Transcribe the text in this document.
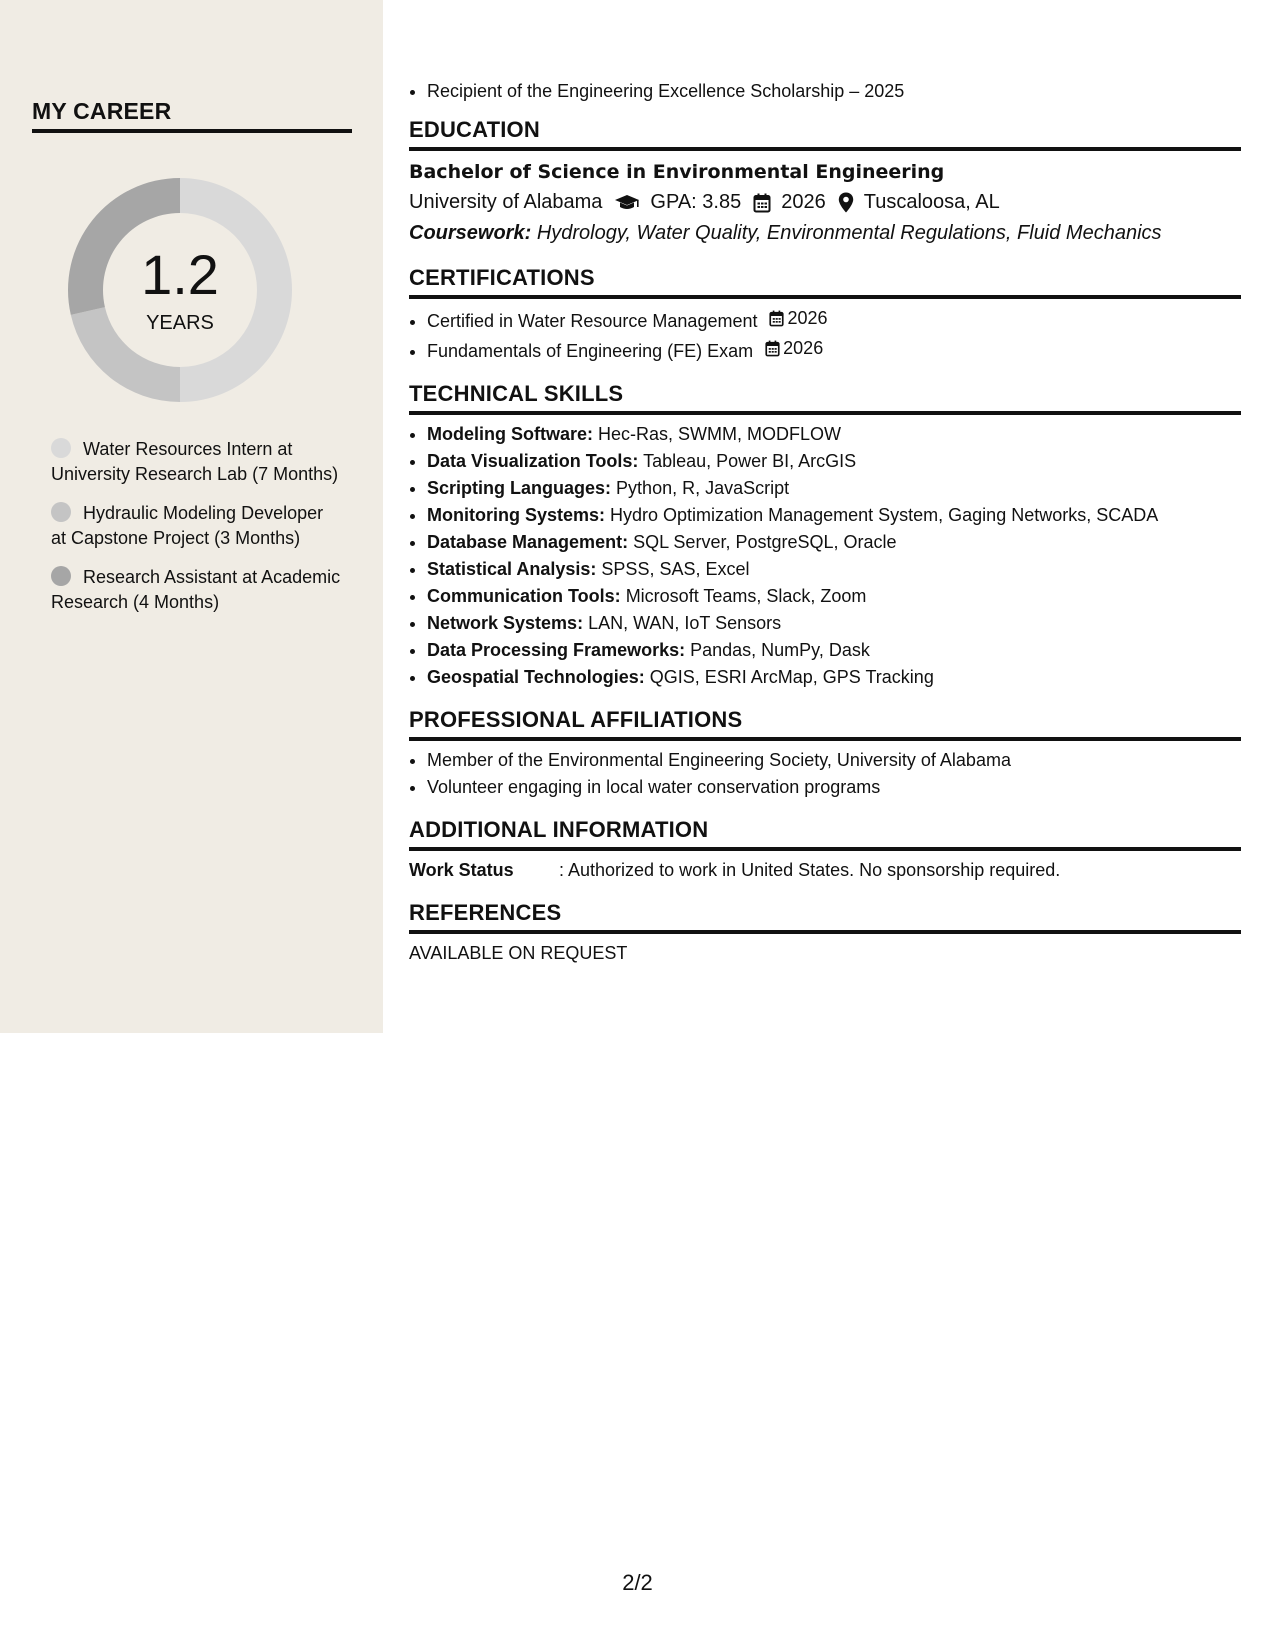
MY CAREER
1.2
YEARS
Water Resources Intern at University Research Lab (7 Months)
Hydraulic Modeling Developer at Capstone Project (3 Months)
Research Assistant at Academic Research (4 Months)
• Recipient of the Engineering Excellence Scholarship – 2025
EDUCATION
Bachelor of Science in Environmental Engineering
University of Alabama GPA: 3.85 2026 Tuscaloosa, AL
Coursework: Hydrology, Water Quality, Environmental Regulations, Fluid Mechanics
CERTIFICATIONS
• Certified in Water Resource Management 2026
• Fundamentals of Engineering (FE) Exam 2026
TECHNICAL SKILLS
• Modeling Software: Hec-Ras, SWMM, MODFLOW
• Data Visualization Tools: Tableau, Power BI, ArcGIS
• Scripting Languages: Python, R, JavaScript
• Monitoring Systems: Hydro Optimization Management System, Gaging Networks, SCADA
• Database Management: SQL Server, PostgreSQL, Oracle
• Statistical Analysis: SPSS, SAS, Excel
• Communication Tools: Microsoft Teams, Slack, Zoom
• Network Systems: LAN, WAN, IoT Sensors
• Data Processing Frameworks: Pandas, NumPy, Dask
• Geospatial Technologies: QGIS, ESRI ArcMap, GPS Tracking
PROFESSIONAL AFFILIATIONS
• Member of the Environmental Engineering Society, University of Alabama
• Volunteer engaging in local water conservation programs
ADDITIONAL INFORMATION
Work Status	: Authorized to work in United States. No sponsorship required.
REFERENCES
AVAILABLE ON REQUEST
2/2
